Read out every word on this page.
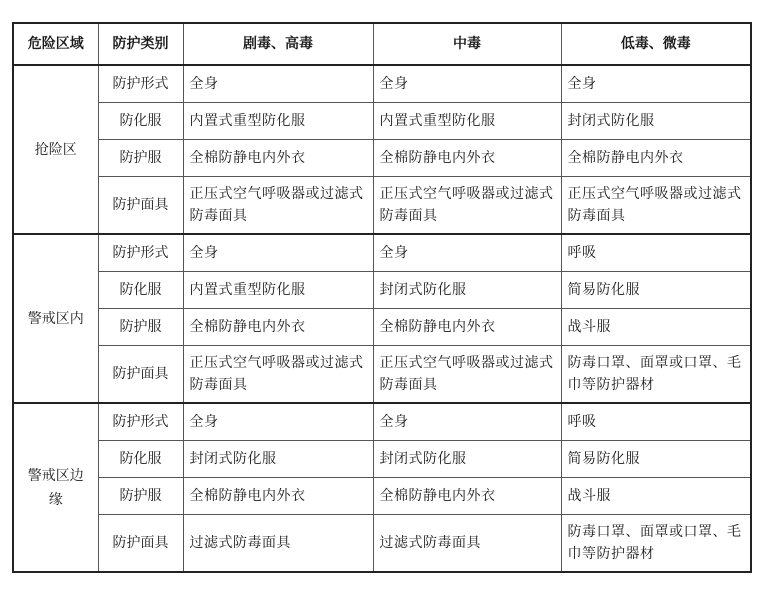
危险区域	防护类别	剧毒、高毒	中毒	低毒、微毒
抢险区	防护形式	全身	全身	全身
	防化服	内置式重型防化服	内置式重型防化服	封闭式防化服
	防护服	全棉防静电内外衣	全棉防静电内外衣	全棉防静电内外衣
	防护面具	正压式空气呼吸器或过滤式防毒面具	正压式空气呼吸器或过滤式防毒面具	正压式空气呼吸器或过滤式防毒面具
警戒区内	防护形式	全身	全身	呼吸
	防化服	内置式重型防化服	封闭式防化服	简易防化服
	防护服	全棉防静电内外衣	全棉防静电内外衣	战斗服
	防护面具	正压式空气呼吸器或过滤式防毒面具	正压式空气呼吸器或过滤式防毒面具	防毒口罩、面罩或口罩、毛巾等防护器材
警戒区边缘	防护形式	全身	全身	呼吸
	防化服	封闭式防化服	封闭式防化服	简易防化服
	防护服	全棉防静电内外衣	全棉防静电内外衣	战斗服
	防护面具	过滤式防毒面具	过滤式防毒面具	防毒口罩、面罩或口罩、毛巾等防护器材
